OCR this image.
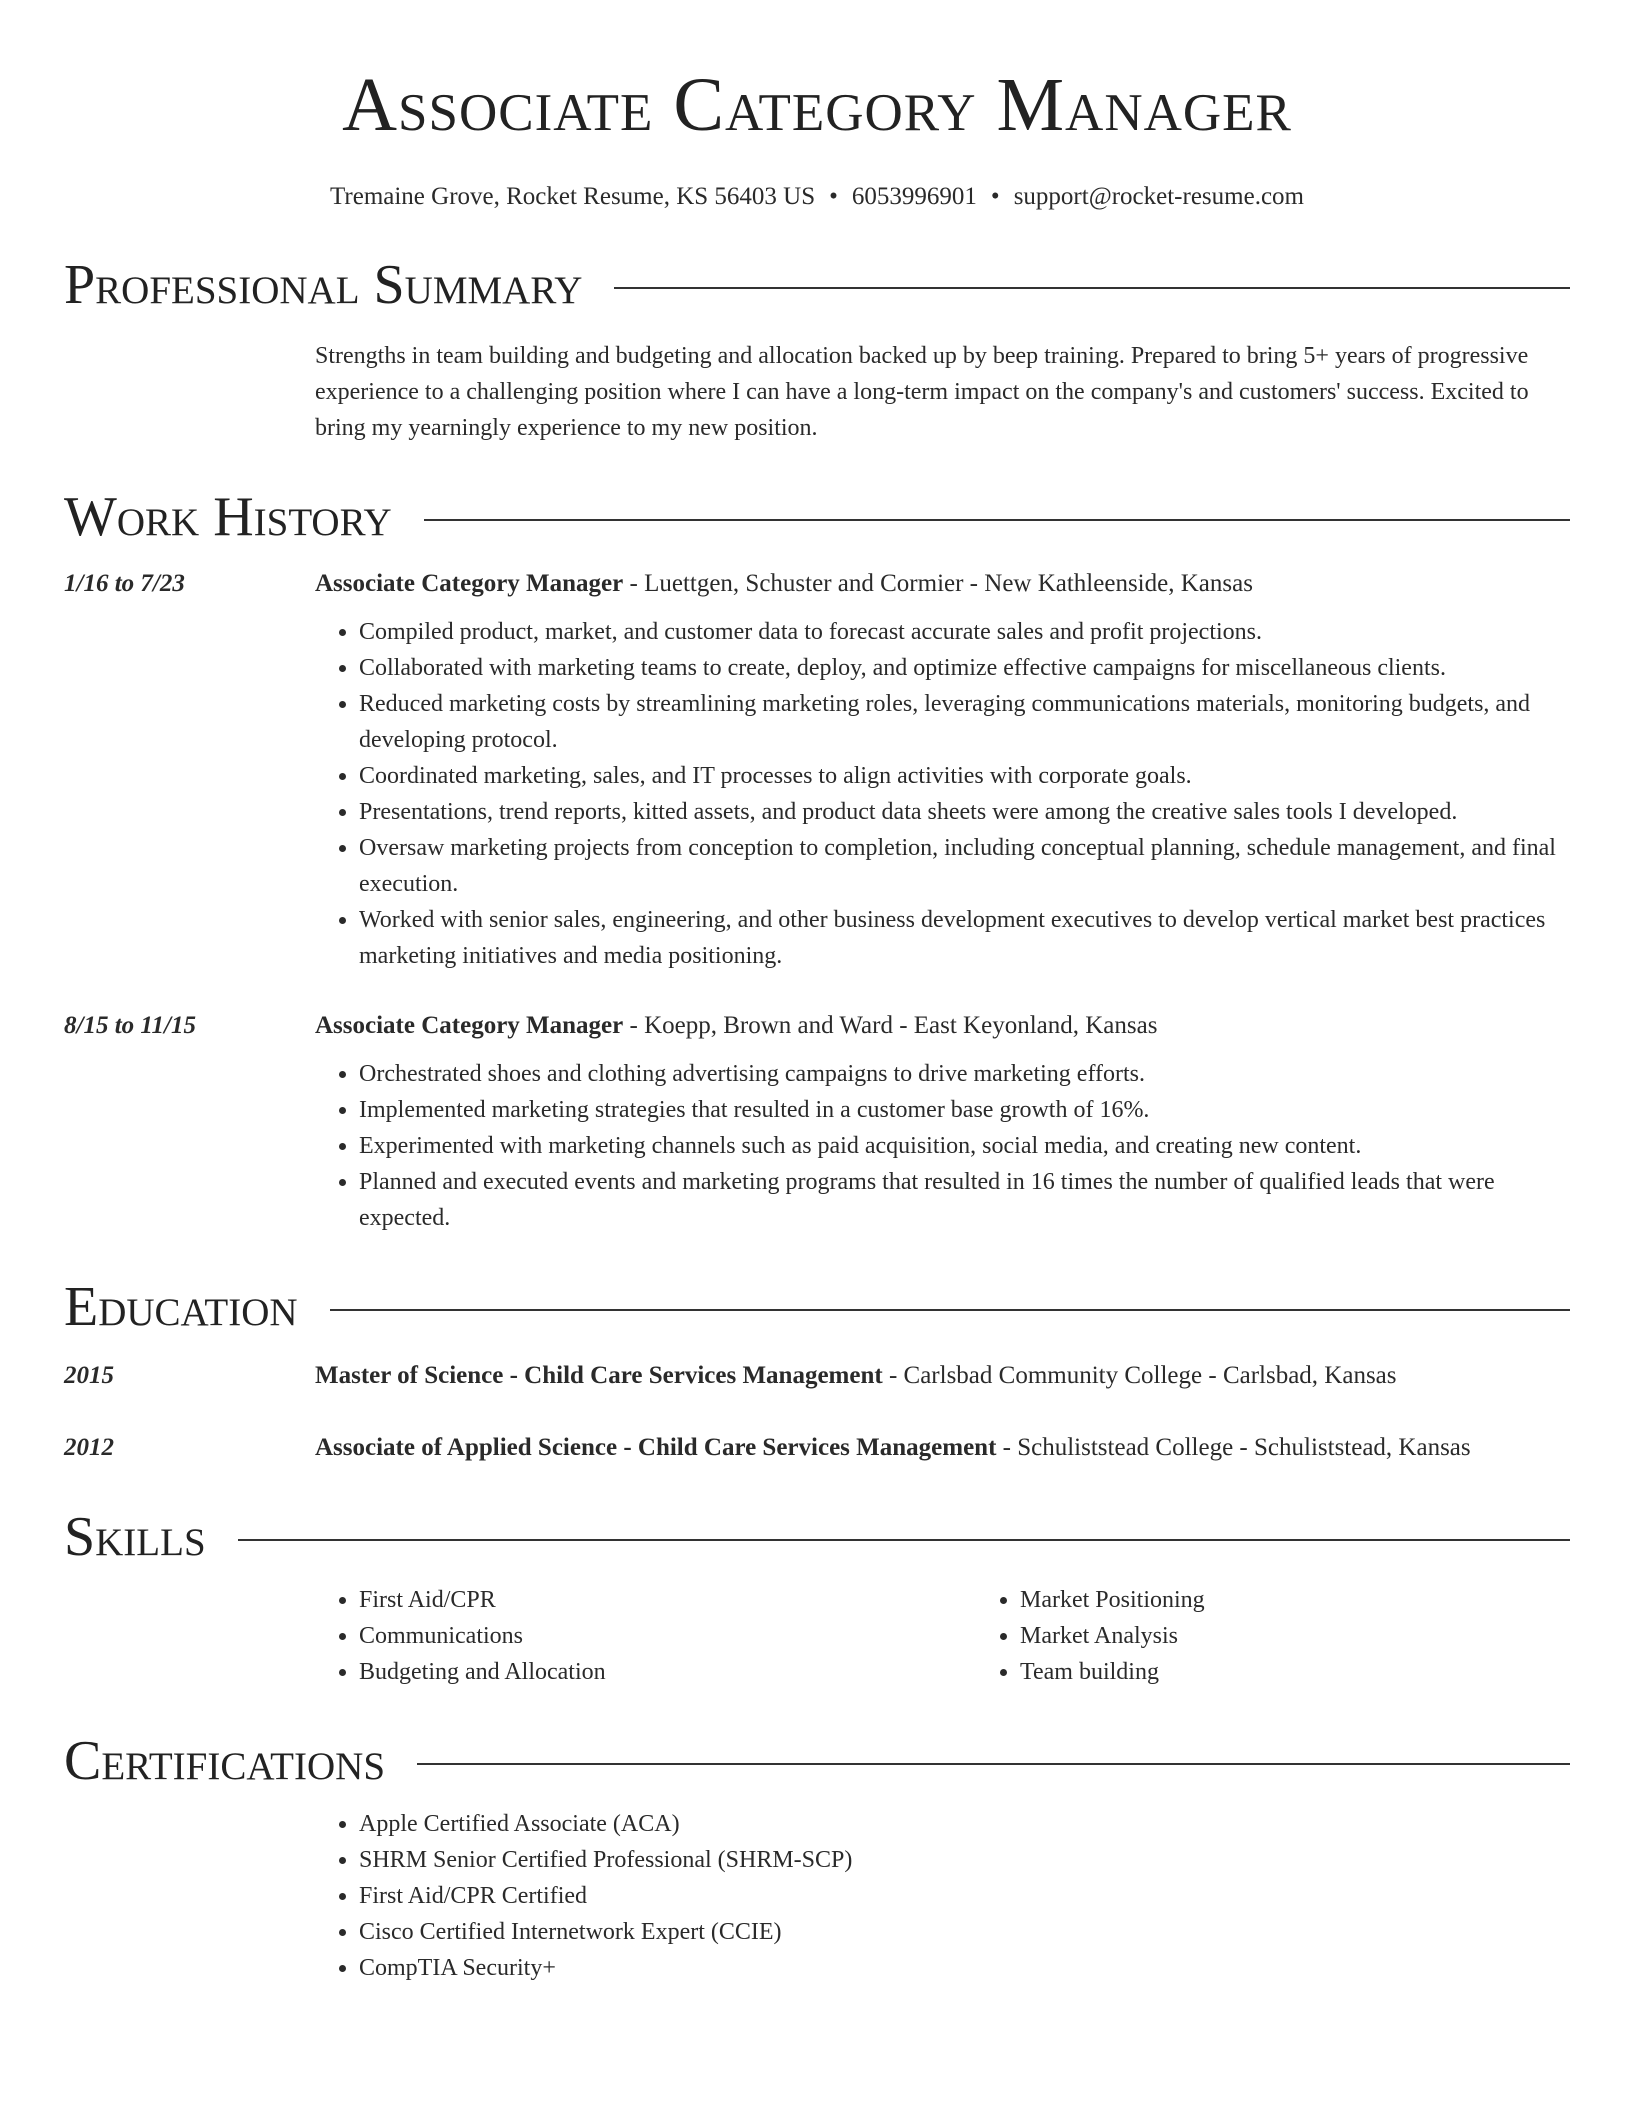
Associate Category Manager
Tremaine Grove, Rocket Resume, KS 56403 US • 6053996901 • support@rocket-resume.com
Professional Summary
Strengths in team building and budgeting and allocation backed up by beep training. Prepared to bring 5+ years of progressive experience to a challenging position where I can have a long-term impact on the company's and customers' success. Excited to bring my yearningly experience to my new position.
Work History
1/16 to 7/23	Associate Category Manager - Luettgen, Schuster and Cormier - New Kathleenside, Kansas
• Compiled product, market, and customer data to forecast accurate sales and profit projections.
• Collaborated with marketing teams to create, deploy, and optimize effective campaigns for miscellaneous clients.
• Reduced marketing costs by streamlining marketing roles, leveraging communications materials, monitoring budgets, and developing protocol.
• Coordinated marketing, sales, and IT processes to align activities with corporate goals.
• Presentations, trend reports, kitted assets, and product data sheets were among the creative sales tools I developed.
• Oversaw marketing projects from conception to completion, including conceptual planning, schedule management, and final execution.
• Worked with senior sales, engineering, and other business development executives to develop vertical market best practices marketing initiatives and media positioning.
8/15 to 11/15	Associate Category Manager - Koepp, Brown and Ward - East Keyonland, Kansas
• Orchestrated shoes and clothing advertising campaigns to drive marketing efforts.
• Implemented marketing strategies that resulted in a customer base growth of 16%.
• Experimented with marketing channels such as paid acquisition, social media, and creating new content.
• Planned and executed events and marketing programs that resulted in 16 times the number of qualified leads that were expected.
Education
2015	Master of Science - Child Care Services Management - Carlsbad Community College - Carlsbad, Kansas
2012	Associate of Applied Science - Child Care Services Management - Schuliststead College - Schuliststead, Kansas
Skills
• First Aid/CPR
• Communications
• Budgeting and Allocation
• Market Positioning
• Market Analysis
• Team building
Certifications
• Apple Certified Associate (ACA)
• SHRM Senior Certified Professional (SHRM-SCP)
• First Aid/CPR Certified
• Cisco Certified Internetwork Expert (CCIE)
• CompTIA Security+
